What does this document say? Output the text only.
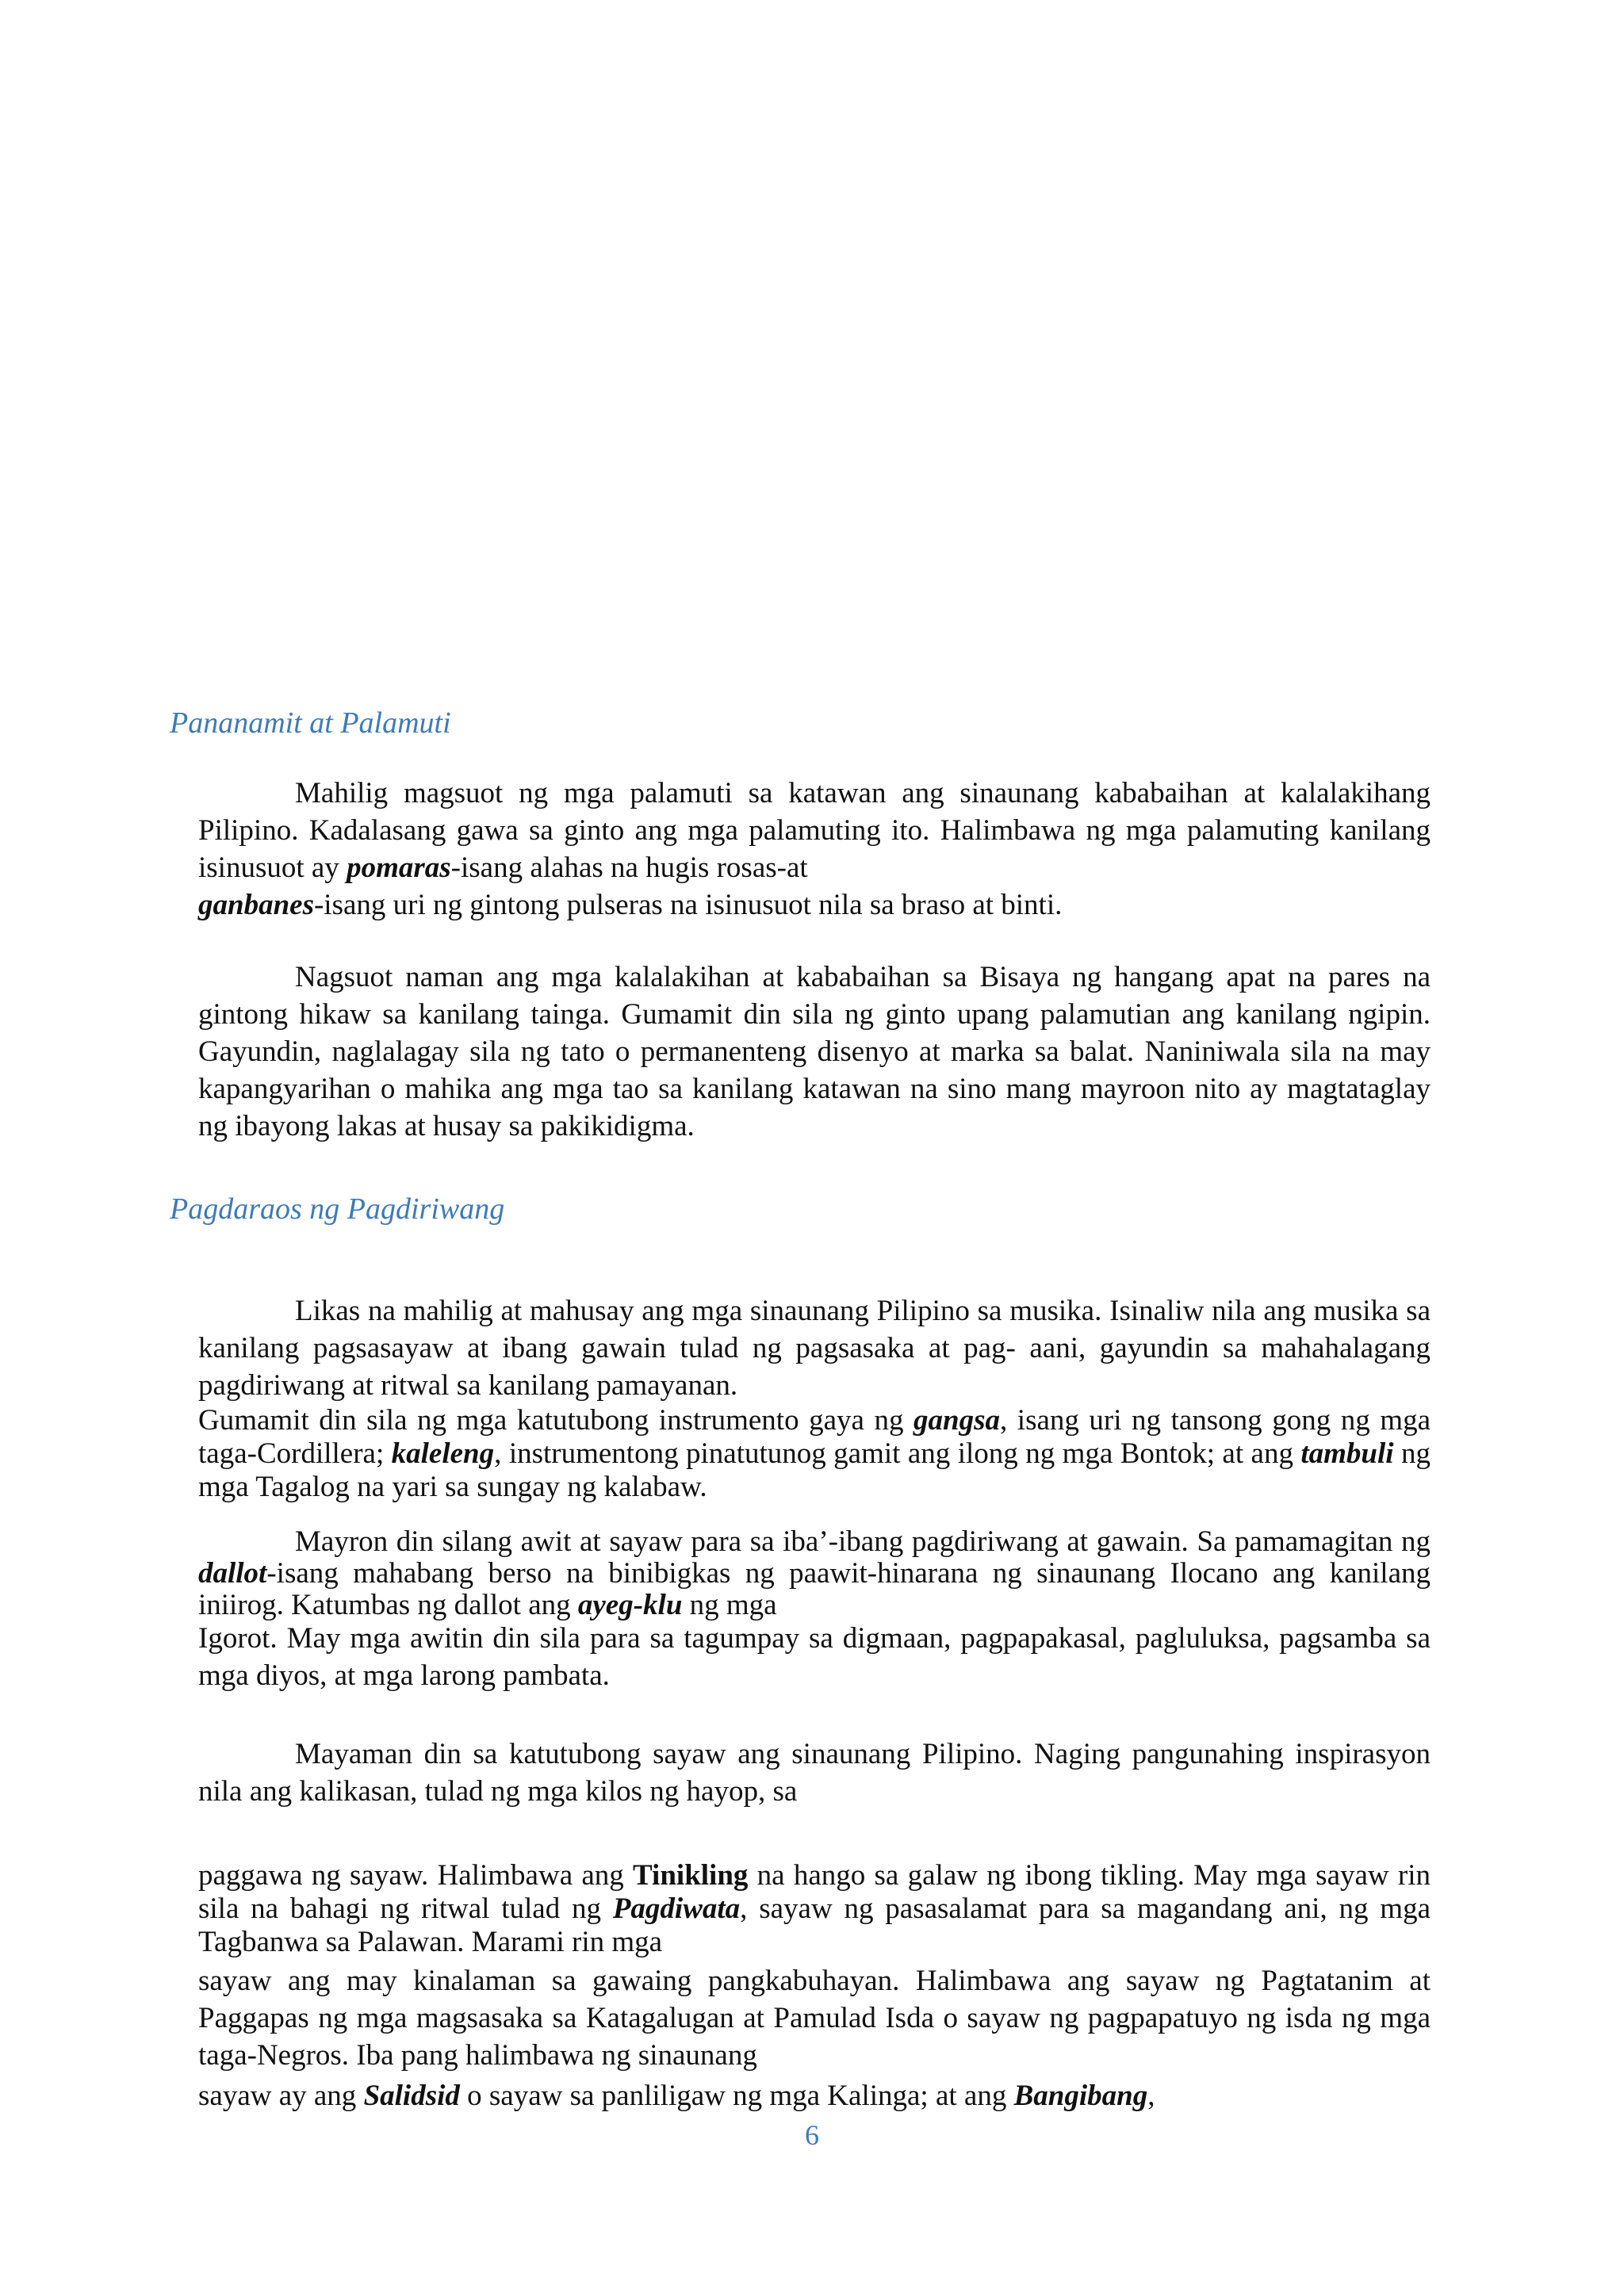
Pananamit at Palamuti

Mahilig magsuot ng mga palamuti sa katawan ang sinaunang kababaihan at kalalakihang Pilipino. Kadalasang gawa sa ginto ang mga palamuting ito. Halimbawa ng mga palamuting kanilang isinusuot ay pomaras-isang alahas na hugis rosas-at
ganbanes-isang uri ng gintong pulseras na isinusuot nila sa braso at binti.

Nagsuot naman ang mga kalalakihan at kababaihan sa Bisaya ng hangang apat na pares na gintong hikaw sa kanilang tainga. Gumamit din sila ng ginto upang palamutian ang kanilang ngipin. Gayundin, naglalagay sila ng tato o permanenteng disenyo at marka sa balat. Naniniwala sila na may kapangyarihan o mahika ang mga tao sa kanilang katawan na sino mang mayroon nito ay magtataglay ng ibayong lakas at husay sa pakikidigma.

Pagdaraos ng Pagdiriwang

Likas na mahilig at mahusay ang mga sinaunang Pilipino sa musika. Isinaliw nila ang musika sa kanilang pagsasayaw at ibang gawain tulad ng pagsasaka at pag- aani, gayundin sa mahahalagang pagdiriwang at ritwal sa kanilang pamayanan.

Gumamit din sila ng mga katutubong instrumento gaya ng gangsa, isang uri ng tansong gong ng mga taga-Cordillera; kaleleng, instrumentong pinatutunog gamit ang ilong ng mga Bontok; at ang tambuli ng mga Tagalog na yari sa sungay ng kalabaw.

Mayron din silang awit at sayaw para sa iba’-ibang pagdiriwang at gawain. Sa pamamagitan ng dallot-isang mahabang berso na binibigkas ng paawit-hinarana ng sinaunang Ilocano ang kanilang iniirog. Katumbas ng dallot ang ayeg-klu ng mga

Igorot. May mga awitin din sila para sa tagumpay sa digmaan, pagpapakasal, pagluluksa, pagsamba sa mga diyos, at mga larong pambata.

Mayaman din sa katutubong sayaw ang sinaunang Pilipino. Naging pangunahing inspirasyon nila ang kalikasan, tulad ng mga kilos ng hayop, sa

paggawa ng sayaw. Halimbawa ang Tinikling na hango sa galaw ng ibong tikling. May mga sayaw rin sila na bahagi ng ritwal tulad ng Pagdiwata, sayaw ng pasasalamat para sa magandang ani, ng mga Tagbanwa sa Palawan. Marami rin mga

sayaw ang may kinalaman sa gawaing pangkabuhayan. Halimbawa ang sayaw ng Pagtatanim at Paggapas ng mga magsasaka sa Katagalugan at Pamulad Isda o sayaw ng pagpapatuyo ng isda ng mga taga-Negros. Iba pang halimbawa ng sinaunang

sayaw ay ang Salidsid o sayaw sa panliligaw ng mga Kalinga; at ang Bangibang,

6
